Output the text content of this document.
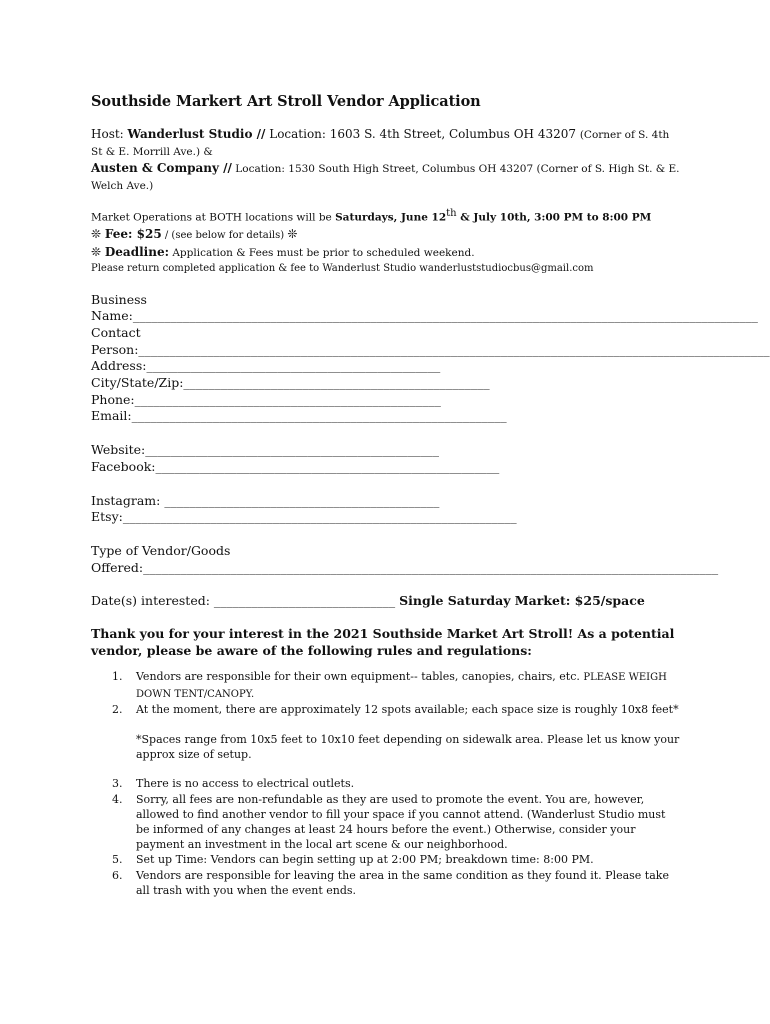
Southside Markert Art Stroll Vendor Application
Host: Wanderlust Studio // Location: 1603 S. 4th Street, Columbus OH 43207 (Corner of S. 4th St & E. Morrill Ave.) &
Austen & Company // Location: 1530 South High Street, Columbus OH 43207 (Corner of S. High St. & E. Welch Ave.)
Market Operations at BOTH locations will be Saturdays, June 12th & July 10th, 3:00 PM to 8:00 PM
❊ Fee: $25 / (see below for details) ❊
❊ Deadline: Application & Fees must be prior to scheduled weekend.
Please return completed application & fee to Wanderlust Studio wanderluststudiocbus@gmail.com
Business
Name:____________________________________________________________________________________________________
Contact
Person:_____________________________________________________________________________________________________
Address:_______________________________________________
City/State/Zip:_________________________________________________
Phone:_________________________________________________
Email:____________________________________________________________
Website:_______________________________________________
Facebook:_______________________________________________________
Instagram: ____________________________________________
Etsy:_______________________________________________________________
Type of Vendor/Goods
Offered:____________________________________________________________________________________________
Date(s) interested: _____________________________ Single Saturday Market: $25/space
Thank you for your interest in the 2021 Southside Market Art Stroll! As a potential vendor, please be aware of the following rules and regulations:
1. Vendors are responsible for their own equipment-- tables, canopies, chairs, etc. PLEASE WEIGH DOWN TENT/CANOPY.
2. At the moment, there are approximately 12 spots available; each space size is roughly 10x8 feet*
*Spaces range from 10x5 feet to 10x10 feet depending on sidewalk area. Please let us know your approx size of setup.
3. There is no access to electrical outlets.
4. Sorry, all fees are non-refundable as they are used to promote the event. You are, however, allowed to find another vendor to fill your space if you cannot attend. (Wanderlust Studio must be informed of any changes at least 24 hours before the event.) Otherwise, consider your payment an investment in the local art scene & our neighborhood.
5. Set up Time: Vendors can begin setting up at 2:00 PM; breakdown time: 8:00 PM.
6. Vendors are responsible for leaving the area in the same condition as they found it. Please take all trash with you when the event ends.
